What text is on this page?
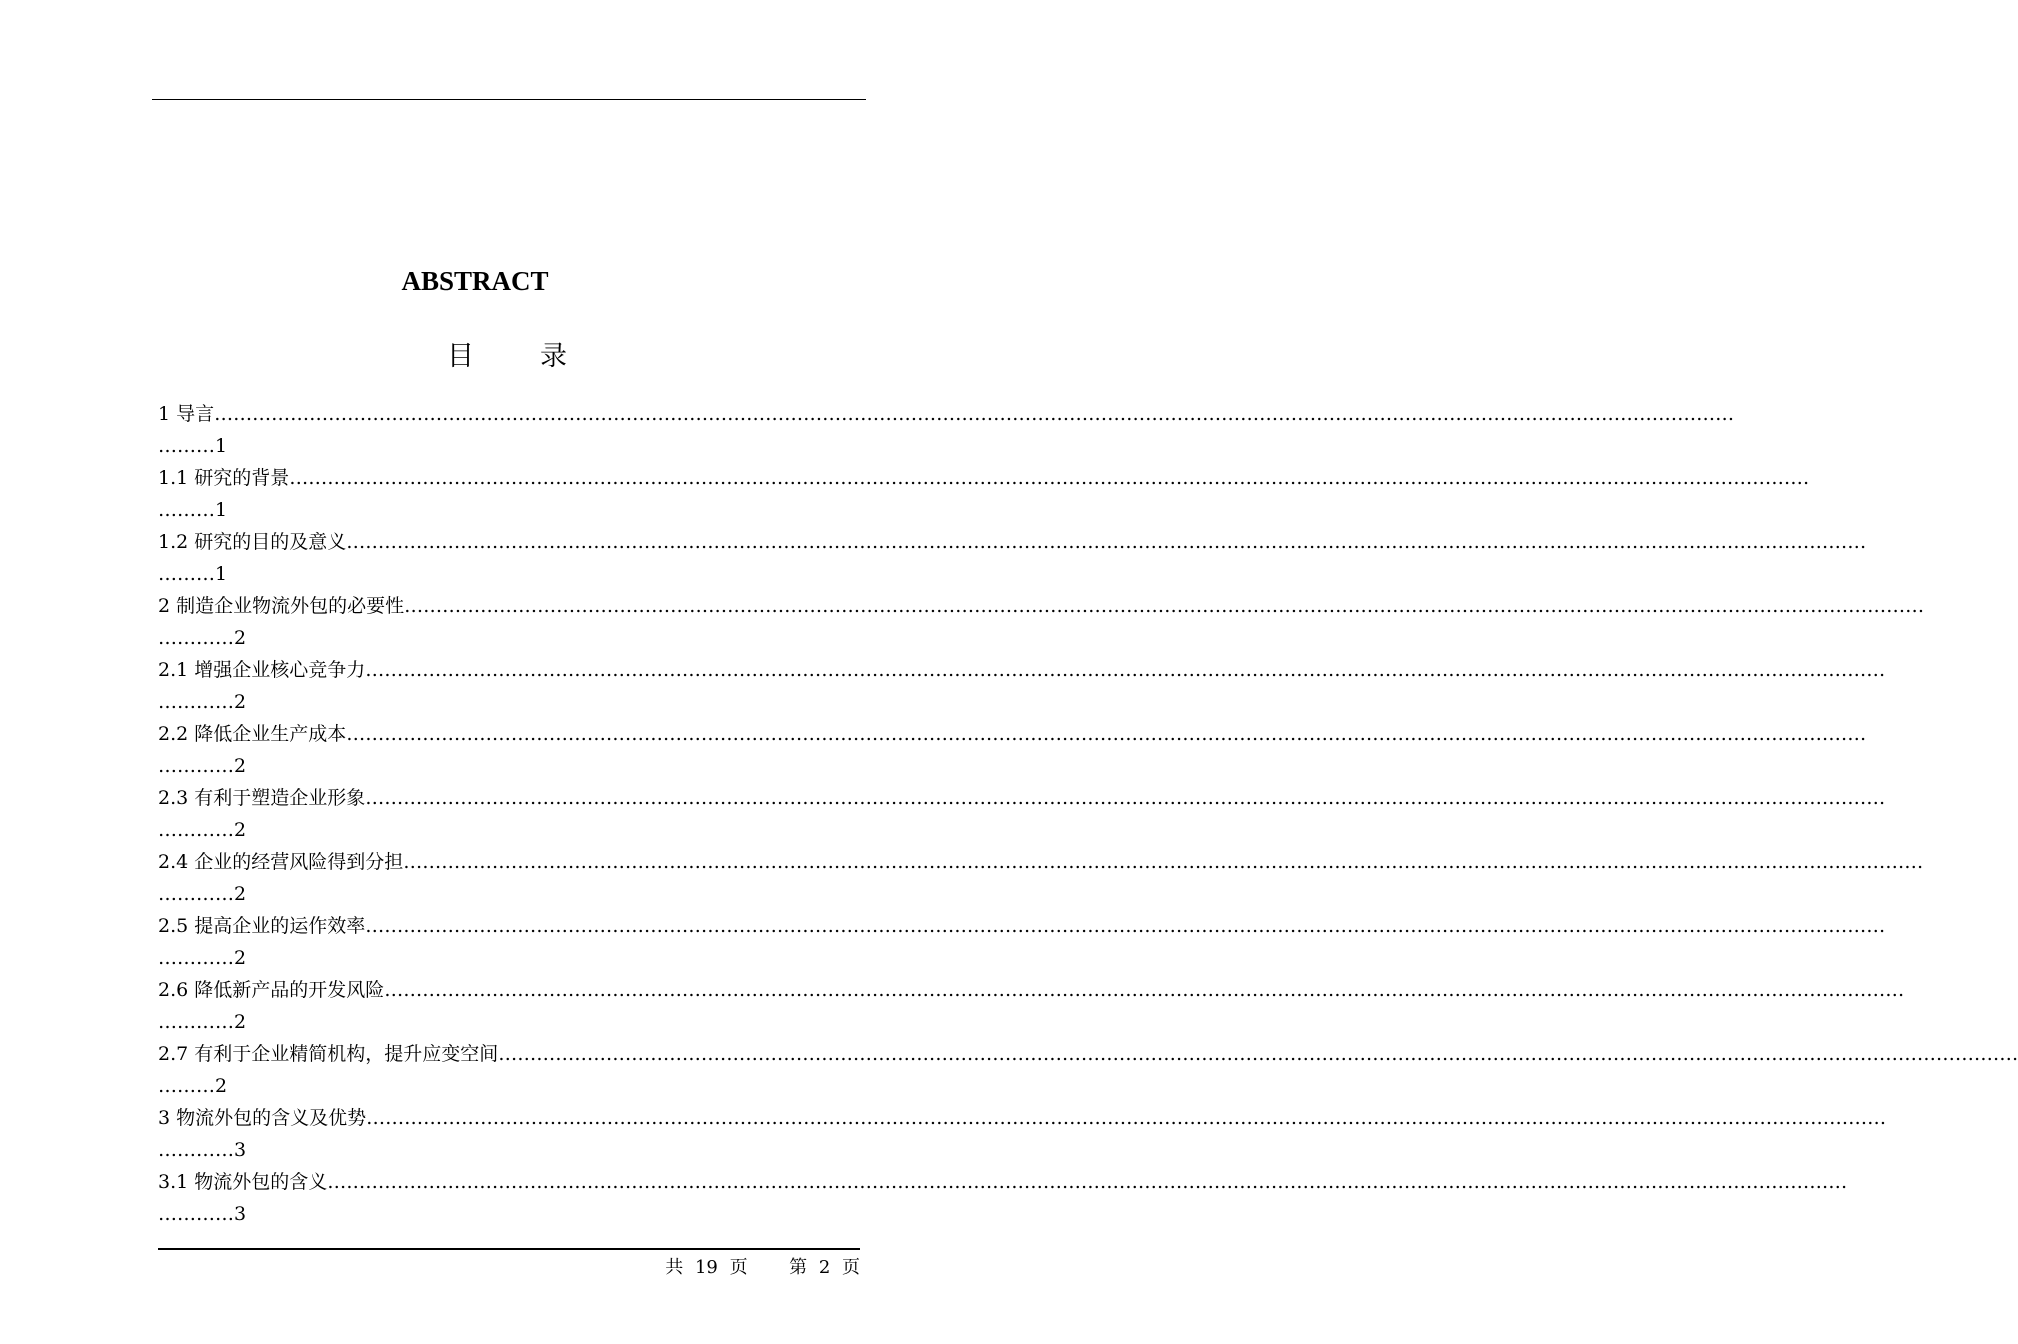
ABSTRACT
目 录
1 导言……………………………………………………………………………………………………………………………………………………………………………………………………………………
………1
1.1 研究的背景……………………………………………………………………………………………………………………………………………………………………………………………………………………
………1
1.2 研究的目的及意义……………………………………………………………………………………………………………………………………………………………………………………………………………………
………1
2 制造企业物流外包的必要性……………………………………………………………………………………………………………………………………………………………………………………………………………………
…………2
2.1 增强企业核心竞争力……………………………………………………………………………………………………………………………………………………………………………………………………………………
…………2
2.2 降低企业生产成本……………………………………………………………………………………………………………………………………………………………………………………………………………………
…………2
2.3 有利于塑造企业形象……………………………………………………………………………………………………………………………………………………………………………………………………………………
…………2
2.4 企业的经营风险得到分担……………………………………………………………………………………………………………………………………………………………………………………………………………………
…………2
2.5 提高企业的运作效率……………………………………………………………………………………………………………………………………………………………………………………………………………………
…………2
2.6 降低新产品的开发风险……………………………………………………………………………………………………………………………………………………………………………………………………………………
…………2
2.7 有利于企业精简机构，提升应变空间……………………………………………………………………………………………………………………………………………………………………………………………………………………
………2
3 物流外包的含义及优势……………………………………………………………………………………………………………………………………………………………………………………………………………………
…………3
3.1 物流外包的含义……………………………………………………………………………………………………………………………………………………………………………………………………………………
…………3
共 19 页 第 2 页
